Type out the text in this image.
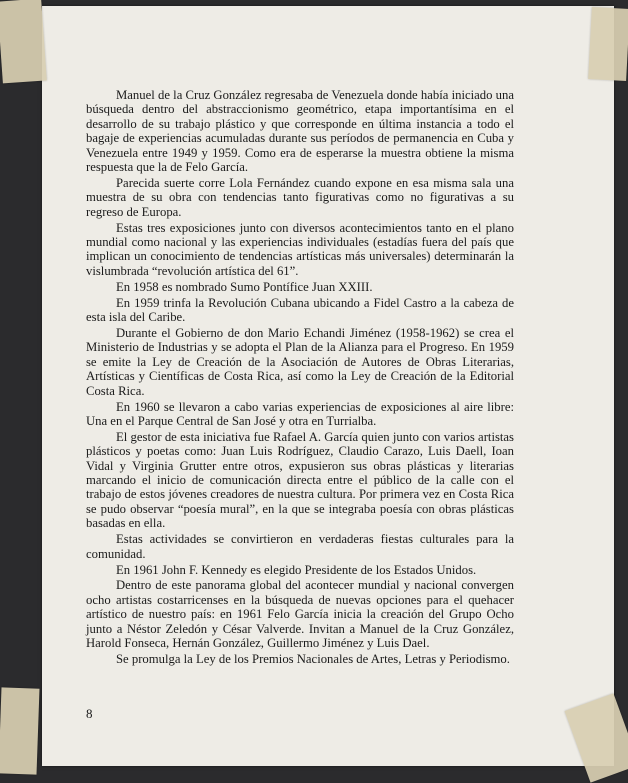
Manuel de la Cruz González regresaba de Venezuela donde había iniciado una búsqueda dentro del abstraccionismo geométrico, etapa importantísima en el desarrollo de su trabajo plástico y que corresponde en última instancia a todo el bagaje de experiencias acumuladas durante sus períodos de permanencia en Cuba y Venezuela entre 1949 y 1959. Como era de esperarse la muestra obtiene la misma respuesta que la de Felo García.

Parecida suerte corre Lola Fernández cuando expone en esa misma sala una muestra de su obra con tendencias tanto figurativas como no figurativas a su regreso de Europa.

Estas tres exposiciones junto con diversos acontecimientos tanto en el plano mundial como nacional y las experiencias individuales (estadías fuera del país que implican un conocimiento de tendencias artísticas más universales) determinarán la vislumbrada “revolución artística del 61”.

En 1958 es nombrado Sumo Pontífice Juan XXIII.

En 1959 trinfa la Revolución Cubana ubicando a Fidel Castro a la cabeza de esta isla del Caribe.

Durante el Gobierno de don Mario Echandi Jiménez (1958-1962) se crea el Ministerio de Industrias y se adopta el Plan de la Alianza para el Progreso. En 1959 se emite la Ley de Creación de la Asociación de Autores de Obras Literarias, Artísticas y Científicas de Costa Rica, así como la Ley de Creación de la Editorial Costa Rica.

En 1960 se llevaron a cabo varias experiencias de exposiciones al aire libre: Una en el Parque Central de San José y otra en Turrialba.

El gestor de esta iniciativa fue Rafael A. García quien junto con varios artistas plásticos y poetas como: Juan Luis Rodríguez, Claudio Carazo, Luis Daell, Ioan Vidal y Virginia Grutter entre otros, expusieron sus obras plásticas y literarias marcando el inicio de comunicación directa entre el público de la calle con el trabajo de estos jóvenes creadores de nuestra cultura. Por primera vez en Costa Rica se pudo observar “poesía mural”, en la que se integraba poesía con obras plásticas basadas en ella.

Estas actividades se convirtieron en verdaderas fiestas culturales para la comunidad.

En 1961 John F. Kennedy es elegido Presidente de los Estados Unidos.

Dentro de este panorama global del acontecer mundial y nacional convergen ocho artistas costarricenses en la búsqueda de nuevas opciones para el quehacer artístico de nuestro país: en 1961 Felo García inicia la creación del Grupo Ocho junto a Néstor Zeledón y César Valverde. Invitan a Manuel de la Cruz González, Harold Fonseca, Hernán González, Guillermo Jiménez y Luis Dael.

Se promulga la Ley de los Premios Nacionales de Artes, Letras y Periodismo.

8
